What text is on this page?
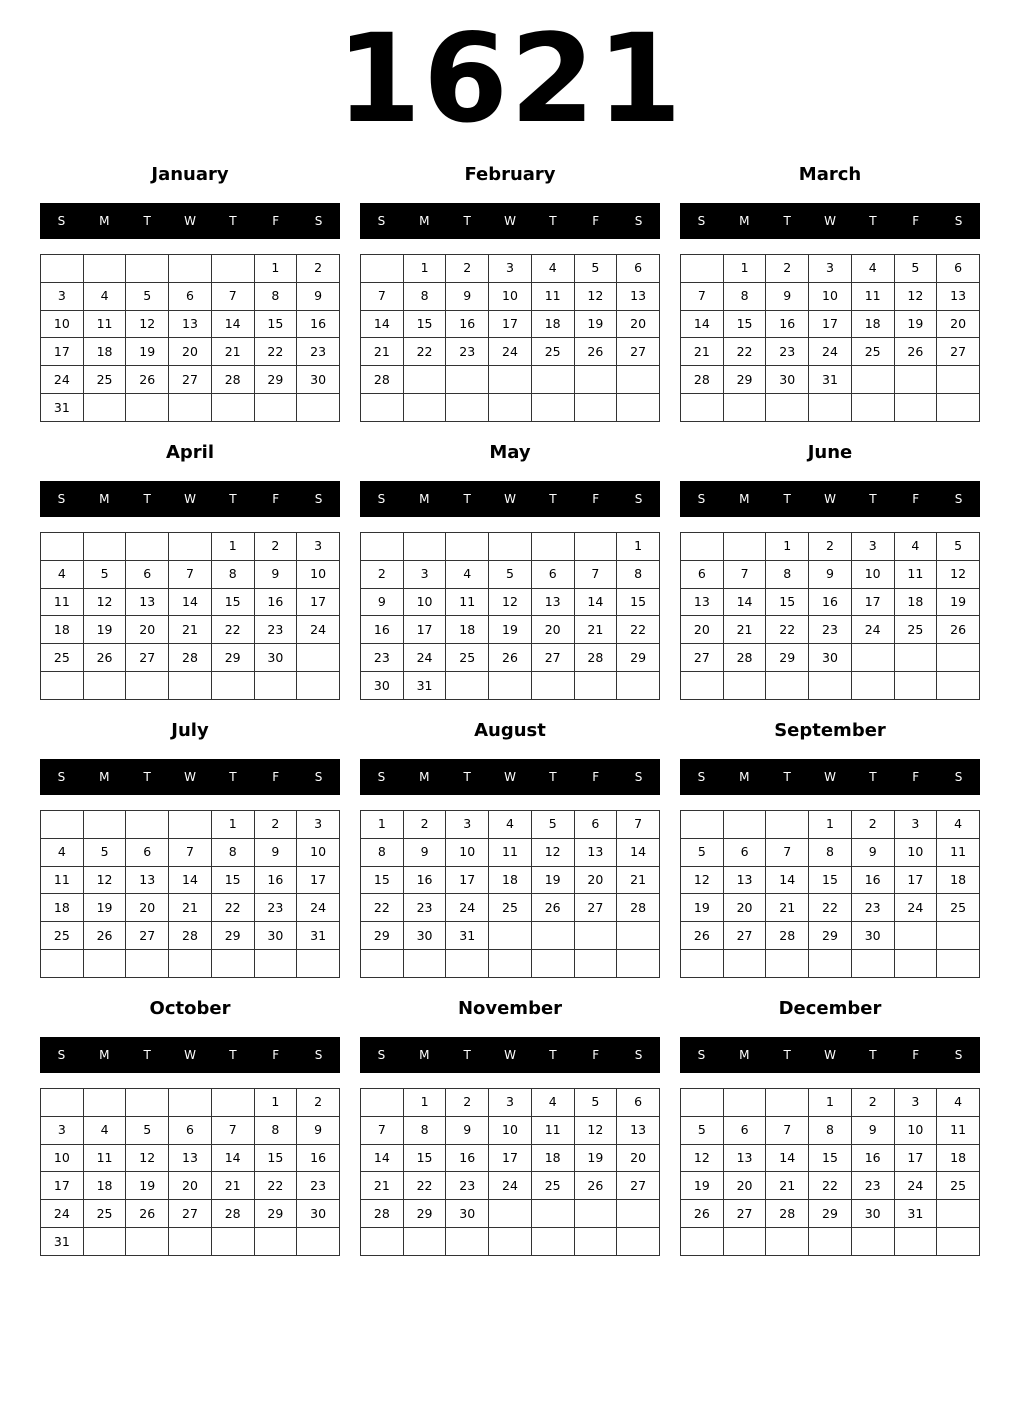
1621
January
S	M	T	W	T	F	S
					1	2
3	4	5	6	7	8	9
10	11	12	13	14	15	16
17	18	19	20	21	22	23
24	25	26	27	28	29	30
31						
February
S	M	T	W	T	F	S
	1	2	3	4	5	6
7	8	9	10	11	12	13
14	15	16	17	18	19	20
21	22	23	24	25	26	27
28						

March
S	M	T	W	T	F	S
	1	2	3	4	5	6
7	8	9	10	11	12	13
14	15	16	17	18	19	20
21	22	23	24	25	26	27
28	29	30	31			

April
S	M	T	W	T	F	S
				1	2	3
4	5	6	7	8	9	10
11	12	13	14	15	16	17
18	19	20	21	22	23	24
25	26	27	28	29	30	

May
S	M	T	W	T	F	S
						1
2	3	4	5	6	7	8
9	10	11	12	13	14	15
16	17	18	19	20	21	22
23	24	25	26	27	28	29
30	31					
June
S	M	T	W	T	F	S
		1	2	3	4	5
6	7	8	9	10	11	12
13	14	15	16	17	18	19
20	21	22	23	24	25	26
27	28	29	30			

July
S	M	T	W	T	F	S
				1	2	3
4	5	6	7	8	9	10
11	12	13	14	15	16	17
18	19	20	21	22	23	24
25	26	27	28	29	30	31

August
S	M	T	W	T	F	S
1	2	3	4	5	6	7
8	9	10	11	12	13	14
15	16	17	18	19	20	21
22	23	24	25	26	27	28
29	30	31				

September
S	M	T	W	T	F	S
			1	2	3	4
5	6	7	8	9	10	11
12	13	14	15	16	17	18
19	20	21	22	23	24	25
26	27	28	29	30		

October
S	M	T	W	T	F	S
					1	2
3	4	5	6	7	8	9
10	11	12	13	14	15	16
17	18	19	20	21	22	23
24	25	26	27	28	29	30
31						
November
S	M	T	W	T	F	S
	1	2	3	4	5	6
7	8	9	10	11	12	13
14	15	16	17	18	19	20
21	22	23	24	25	26	27
28	29	30				

December
S	M	T	W	T	F	S
			1	2	3	4
5	6	7	8	9	10	11
12	13	14	15	16	17	18
19	20	21	22	23	24	25
26	27	28	29	30	31	
